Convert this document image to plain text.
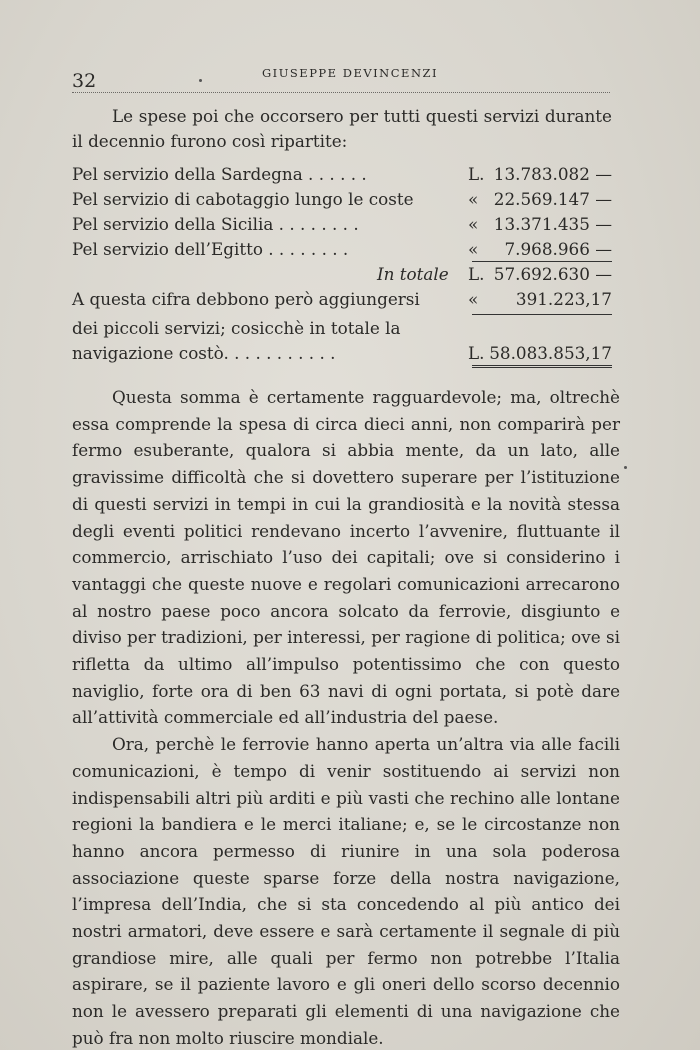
32	GIUSEPPE DEVINCENZI

Le spese poi che occorsero per tutti questi servizi durante il decennio furono così ripartite:

Pel servizio della Sardegna . . . . . .	L. 13.783.082 —
Pel servizio di cabotaggio lungo le coste	« 22.569.147 —
Pel servizio della Sicilia . . . . . . . .	« 13.371.435 —
Pel servizio dell’Egitto . . . . . . . .	«	7.968.966 —
In totale L. 57.692.630 —
A questa cifra debbono però aggiungersi	«	391.223,17
dei piccoli servizi; cosicchè in totale la
navigazione costò. . . . . . . . . . .	L. 58.083.853,17

Questa somma è certamente ragguardevole; ma, oltrechè essa comprende la spesa di circa dieci anni, non comparirà per fermo esuberante, qualora si abbia mente, da un lato, alle gravissime difficoltà che si dovettero superare per l’istituzione di questi servizi in tempi in cui la grandiosità e la novità stessa degli eventi politici rendevano incerto l’avvenire, fluttuante il commercio, arrischiato l’uso dei capitali; ove si considerino i vantaggi che queste nuove e regolari comunicazioni arrecarono al nostro paese poco ancora solcato da ferrovie, disgiunto e diviso per tradizioni, per interessi, per ragione di politica; ove si rifletta da ultimo all’impulso potentissimo che con questo naviglio, forte ora di ben 63 navi di ogni portata, si potè dare all’attività commerciale ed all’industria del paese.

Ora, perchè le ferrovie hanno aperta un’altra via alle facili comunicazioni, è tempo di venir sostituendo ai servizi non indispensabili altri più arditi e più vasti che rechino alle lontane regioni la bandiera e le merci italiane; e, se le circostanze non hanno ancora permesso di riunire in una sola poderosa associazione queste sparse forze della nostra navigazione, l’impresa dell’India, che si sta concedendo al più antico dei nostri armatori, deve essere e sarà certamente il segnale di più grandiose mire, alle quali per fermo non potrebbe l’Italia aspirare, se il paziente lavoro e gli oneri dello scorso decennio non le avessero preparati gli elementi di una navigazione che può fra non molto riuscire mondiale.
